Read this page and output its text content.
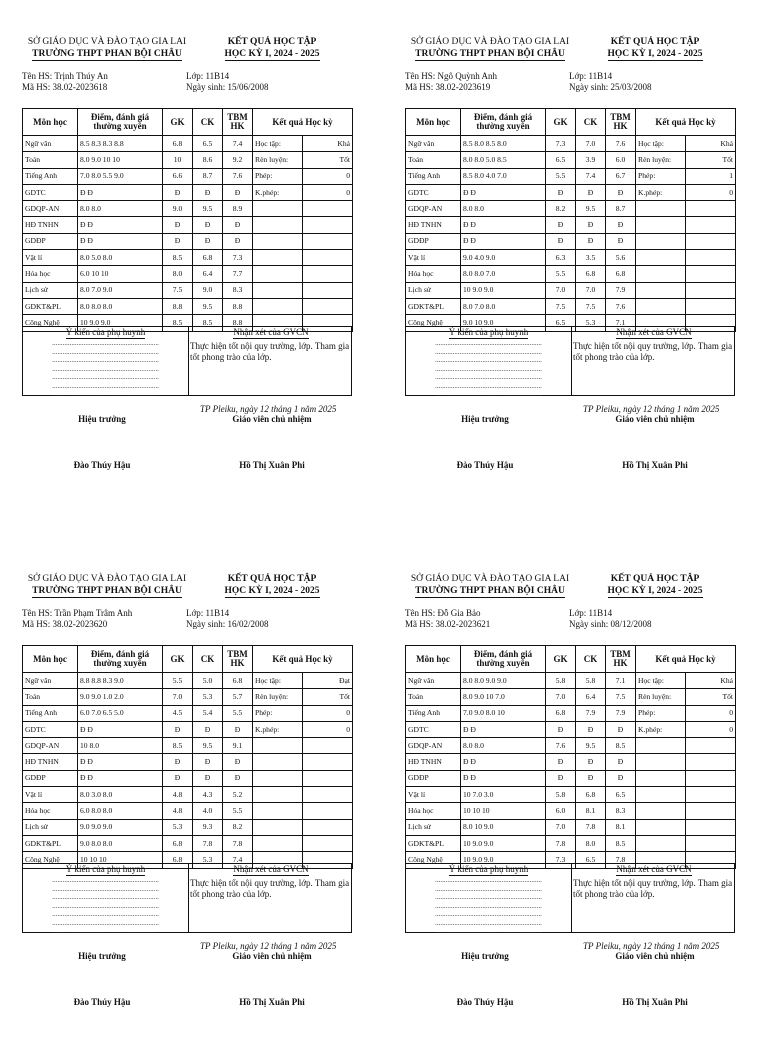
SỞ GIÁO DỤC VÀ ĐÀO TẠO GIA LAI
TRƯỜNG THPT PHAN BỘI CHÂU
KẾT QUẢ HỌC TẬP
HỌC KỲ I, 2024 - 2025
Tên HS: Trịnh Thúy An
Mã HS: 38.02-2023618
Lớp: 11B14
Ngày sinh: 15/06/2008
Môn học	Điểm, đánh giá thường xuyên	GK	CK	TBM HK	Kết quả Học kỳ	
Ngữ văn	8.5 8.3 8.3 8.8	6.8	6.5	7.4	Học tập:	Khá
Toán	8.0 9.0 10 10	10	8.6	9.2	Rèn luyện:	Tốt
Tiếng Anh	7.0 8.0 5.5 9.0	6.6	8.7	7.6	Phép:	0
GDTC	Đ Đ	Đ	Đ	Đ	K.phép:	0
GDQP-AN	8.0 8.0	9.0	9.5	8.9		
HĐ TNHN	Đ Đ	Đ	Đ	Đ		
GDĐP	Đ Đ	Đ	Đ	Đ		
Vật lí	8.0 5.0 8.0	8.5	6.8	7.3		
Hóa học	6.0 10 10	8.0	6.4	7.7		
Lịch sử	8.0 7.0 9.0	7.5	9.0	8.3		
GDKT&PL	8.0 8.0 8.0	8.8	9.5	8.8		
Công Nghệ	10 9.0 9.0	8.5	8.5	8.8		
Ý kiến của phụ huynh
.............................................................
.............................................................
.............................................................
.............................................................
.............................................................
.............................................................
.............................................................
Nhận xét của GVCN
Thực hiện tốt nội quy trường, lớp. Tham gia tốt phong trào của lớp.
TP Pleiku, ngày 12 tháng 1 năm 2025
Hiệu trưởng	Giáo viên chủ nhiệm
Đào Thúy Hậu	Hồ Thị Xuân Phi
SỞ GIÁO DỤC VÀ ĐÀO TẠO GIA LAI
TRƯỜNG THPT PHAN BỘI CHÂU
KẾT QUẢ HỌC TẬP
HỌC KỲ I, 2024 - 2025
Tên HS: Ngô Quỳnh Anh
Mã HS: 38.02-2023619
Lớp: 11B14
Ngày sinh: 25/03/2008
Môn học	Điểm, đánh giá thường xuyên	GK	CK	TBM HK	Kết quả Học kỳ	
Ngữ văn	8.5 8.0 8.5 8.0	7.3	7.0	7.6	Học tập:	Khá
Toán	8.0 8.0 5.0 8.5	6.5	3.9	6.0	Rèn luyện:	Tốt
Tiếng Anh	8.5 8.0 4.0 7.0	5.5	7.4	6.7	Phép:	1
GDTC	Đ Đ	Đ	Đ	Đ	K.phép:	0
GDQP-AN	8.0 8.0	8.2	9.5	8.7		
HĐ TNHN	Đ Đ	Đ	Đ	Đ		
GDĐP	Đ Đ	Đ	Đ	Đ		
Vật lí	9.0 4.0 9.0	6.3	3.5	5.6		
Hóa học	8.0 8.0 7.0	5.5	6.8	6.8		
Lịch sử	10 9.0 9.0	7.0	7.0	7.9		
GDKT&PL	8.0 7.0 8.0	7.5	7.5	7.6		
Công Nghệ	9.0 10 9.0	6.5	5.3	7.1		
Ý kiến của phụ huynh
.............................................................
.............................................................
.............................................................
.............................................................
.............................................................
.............................................................
.............................................................
Nhận xét của GVCN
Thực hiện tốt nội quy trường, lớp. Tham gia tốt phong trào của lớp.
TP Pleiku, ngày 12 tháng 1 năm 2025
Hiệu trưởng	Giáo viên chủ nhiệm
Đào Thúy Hậu	Hồ Thị Xuân Phi
SỞ GIÁO DỤC VÀ ĐÀO TẠO GIA LAI
TRƯỜNG THPT PHAN BỘI CHÂU
KẾT QUẢ HỌC TẬP
HỌC KỲ I, 2024 - 2025
Tên HS: Trần Phạm Trâm Anh
Mã HS: 38.02-2023620
Lớp: 11B14
Ngày sinh: 16/02/2008
Môn học	Điểm, đánh giá thường xuyên	GK	CK	TBM HK	Kết quả Học kỳ	
Ngữ văn	8.8 8.8 8.3 9.0	5.5	5.0	6.8	Học tập:	Đạt
Toán	9.0 9.0 1.0 2.0	7.0	5.3	5.7	Rèn luyện:	Tốt
Tiếng Anh	6.0 7.0 6.5 5.0	4.5	5.4	5.5	Phép:	0
GDTC	Đ Đ	Đ	Đ	Đ	K.phép:	0
GDQP-AN	10 8.0	8.5	9.5	9.1		
HĐ TNHN	Đ Đ	Đ	Đ	Đ		
GDĐP	Đ Đ	Đ	Đ	Đ		
Vật lí	8.0 3.0 8.0	4.8	4.3	5.2		
Hóa học	6.0 8.0 8.0	4.8	4.0	5.5		
Lịch sử	9.0 9.0 9.0	5.3	9.3	8.2		
GDKT&PL	9.0 8.0 8.0	6.8	7.8	7.8		
Công Nghệ	10 10 10	6.8	5.3	7.4		
Ý kiến của phụ huynh
.............................................................
.............................................................
.............................................................
.............................................................
.............................................................
.............................................................
.............................................................
Nhận xét của GVCN
Thực hiện tốt nội quy trường, lớp. Tham gia tốt phong trào của lớp.
TP Pleiku, ngày 12 tháng 1 năm 2025
Hiệu trưởng	Giáo viên chủ nhiệm
Đào Thúy Hậu	Hồ Thị Xuân Phi
SỞ GIÁO DỤC VÀ ĐÀO TẠO GIA LAI
TRƯỜNG THPT PHAN BỘI CHÂU
KẾT QUẢ HỌC TẬP
HỌC KỲ I, 2024 - 2025
Tên HS: Đỗ Gia Bảo
Mã HS: 38.02-2023621
Lớp: 11B14
Ngày sinh: 08/12/2008
Môn học	Điểm, đánh giá thường xuyên	GK	CK	TBM HK	Kết quả Học kỳ	
Ngữ văn	8.0 8.0 9.0 9.0	5.8	5.8	7.1	Học tập:	Khá
Toán	8.0 9.0 10 7.0	7.0	6.4	7.5	Rèn luyện:	Tốt
Tiếng Anh	7.0 9.0 8.0 10	6.8	7.9	7.9	Phép:	0
GDTC	Đ Đ	Đ	Đ	Đ	K.phép:	0
GDQP-AN	8.0 8.0	7.6	9.5	8.5		
HĐ TNHN	Đ Đ	Đ	Đ	Đ		
GDĐP	Đ Đ	Đ	Đ	Đ		
Vật lí	10 7.0 3.0	5.8	6.8	6.5		
Hóa học	10 10 10	6.0	8.1	8.3		
Lịch sử	8.0 10 9.0	7.0	7.8	8.1		
GDKT&PL	10 9.0 9.0	7.8	8.0	8.5		
Công Nghệ	10 9.0 9.0	7.3	6.5	7.8		
Ý kiến của phụ huynh
.............................................................
.............................................................
.............................................................
.............................................................
.............................................................
.............................................................
.............................................................
Nhận xét của GVCN
Thực hiện tốt nội quy trường, lớp. Tham gia tốt phong trào của lớp.
TP Pleiku, ngày 12 tháng 1 năm 2025
Hiệu trưởng	Giáo viên chủ nhiệm
Đào Thúy Hậu	Hồ Thị Xuân Phi
